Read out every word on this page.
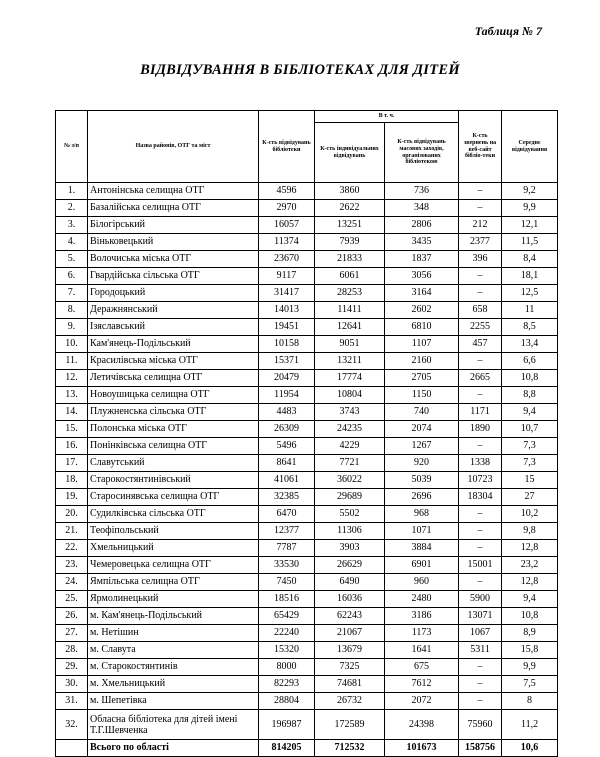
Таблиця № 7
ВІДВІДУВАННЯ В БІБЛІОТЕКАХ ДЛЯ ДІТЕЙ
№ з/п	Назва районів, ОТГ та міст	К-сть відвідувань бібліотеки	В т. ч.		К-сть звернень на веб-сайт бібліо-теки	Середнє відвідування
			К-сть індивідуальних відвідувань	К-сть відвідувань масових заходів, організованих бібліотекою		
1.	Антонінська селищна ОТГ	4596	3860	736	–	9,2
2.	Базалійська селищна ОТГ	2970	2622	348	–	9,9
3.	Білогірський	16057	13251	2806	212	12,1
4.	Віньковецький	11374	7939	3435	2377	11,5
5.	Волочиська міська ОТГ	23670	21833	1837	396	8,4
6.	Гвардійська сільська ОТГ	9117	6061	3056	–	18,1
7.	Городоцький	31417	28253	3164	–	12,5
8.	Деражнянський	14013	11411	2602	658	11
9.	Ізяславський	19451	12641	6810	2255	8,5
10.	Кам'янець-Подільський	10158	9051	1107	457	13,4
11.	Красилівська міська ОТГ	15371	13211	2160	–	6,6
12.	Летичівська селищна ОТГ	20479	17774	2705	2665	10,8
13.	Новоушицька селищна ОТГ	11954	10804	1150	–	8,8
14.	Плужненська сільська ОТГ	4483	3743	740	1171	9,4
15.	Полонська міська ОТГ	26309	24235	2074	1890	10,7
16.	Понінківська селищна ОТГ	5496	4229	1267	–	7,3
17.	Славутський	8641	7721	920	1338	7,3
18.	Старокостянтинівський	41061	36022	5039	10723	15
19.	Старосинявська селищна ОТГ	32385	29689	2696	18304	27
20.	Судилківська сільська ОТГ	6470	5502	968	–	10,2
21.	Теофіпольський	12377	11306	1071	–	9,8
22.	Хмельницький	7787	3903	3884	–	12,8
23.	Чемеровецька селищна ОТГ	33530	26629	6901	15001	23,2
24.	Ямпільська селищна ОТГ	7450	6490	960	–	12,8
25.	Ярмолинецький	18516	16036	2480	5900	9,4
26.	м. Кам'янець-Подільський	65429	62243	3186	13071	10,8
27.	м. Нетішин	22240	21067	1173	1067	8,9
28.	м. Славута	15320	13679	1641	5311	15,8
29.	м. Старокостянтинів	8000	7325	675	–	9,9
30.	м. Хмельницький	82293	74681	7612	–	7,5
31.	м. Шепетівка	28804	26732	2072	–	8
32.	Обласна бібліотека для дітей імені Т.Г.Шевченка	196987	172589	24398	75960	11,2
	Всього по області	814205	712532	101673	158756	10,6
